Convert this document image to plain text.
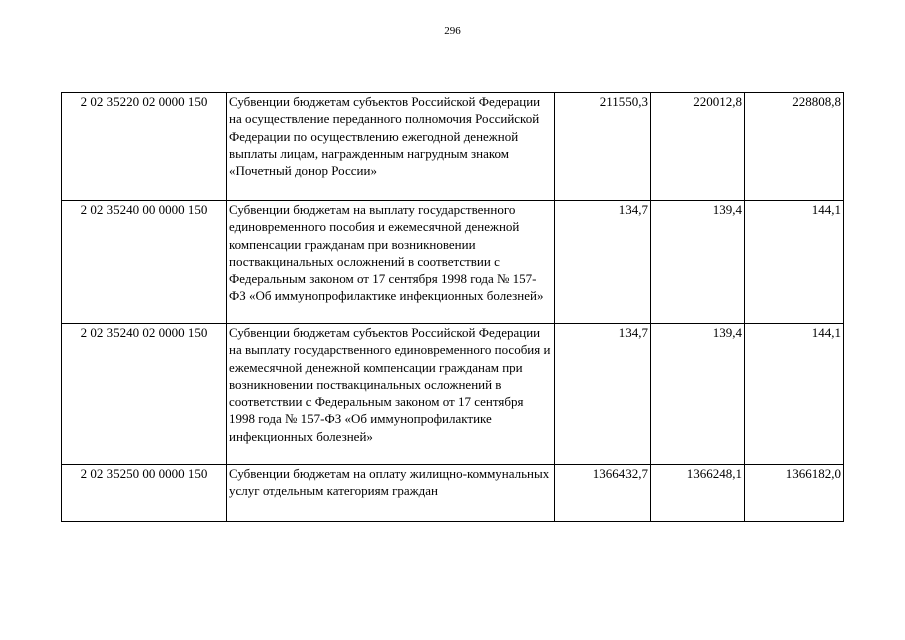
296
2 02 35220 02 0000 150	Субвенции бюджетам субъектов Российской Федерации на осуществление переданного полномочия Российской Федерации по осуществлению ежегодной денежной выплаты лицам, награжденным нагрудным знаком «Почетный донор России»	211550,3	220012,8	228808,8
2 02 35240 00 0000 150	Субвенции бюджетам на выплату государственного единовременного пособия и ежемесячной денежной компенсации гражданам при возникновении поствакцинальных осложнений в соответствии с Федеральным законом от 17 сентября 1998 года № 157-ФЗ «Об иммунопрофилактике инфекционных болезней»	134,7	139,4	144,1
2 02 35240 02 0000 150	Субвенции бюджетам субъектов Российской Федерации на выплату государственного единовременного пособия и ежемесячной денежной компенсации гражданам при возникновении поствакцинальных осложнений в соответствии с Федеральным законом от 17 сентября 1998 года № 157-ФЗ «Об иммунопрофилактике инфекционных болезней»	134,7	139,4	144,1
2 02 35250 00 0000 150	Субвенции бюджетам на оплату жилищно-коммунальных услуг отдельным категориям граждан	1366432,7	1366248,1	1366182,0
